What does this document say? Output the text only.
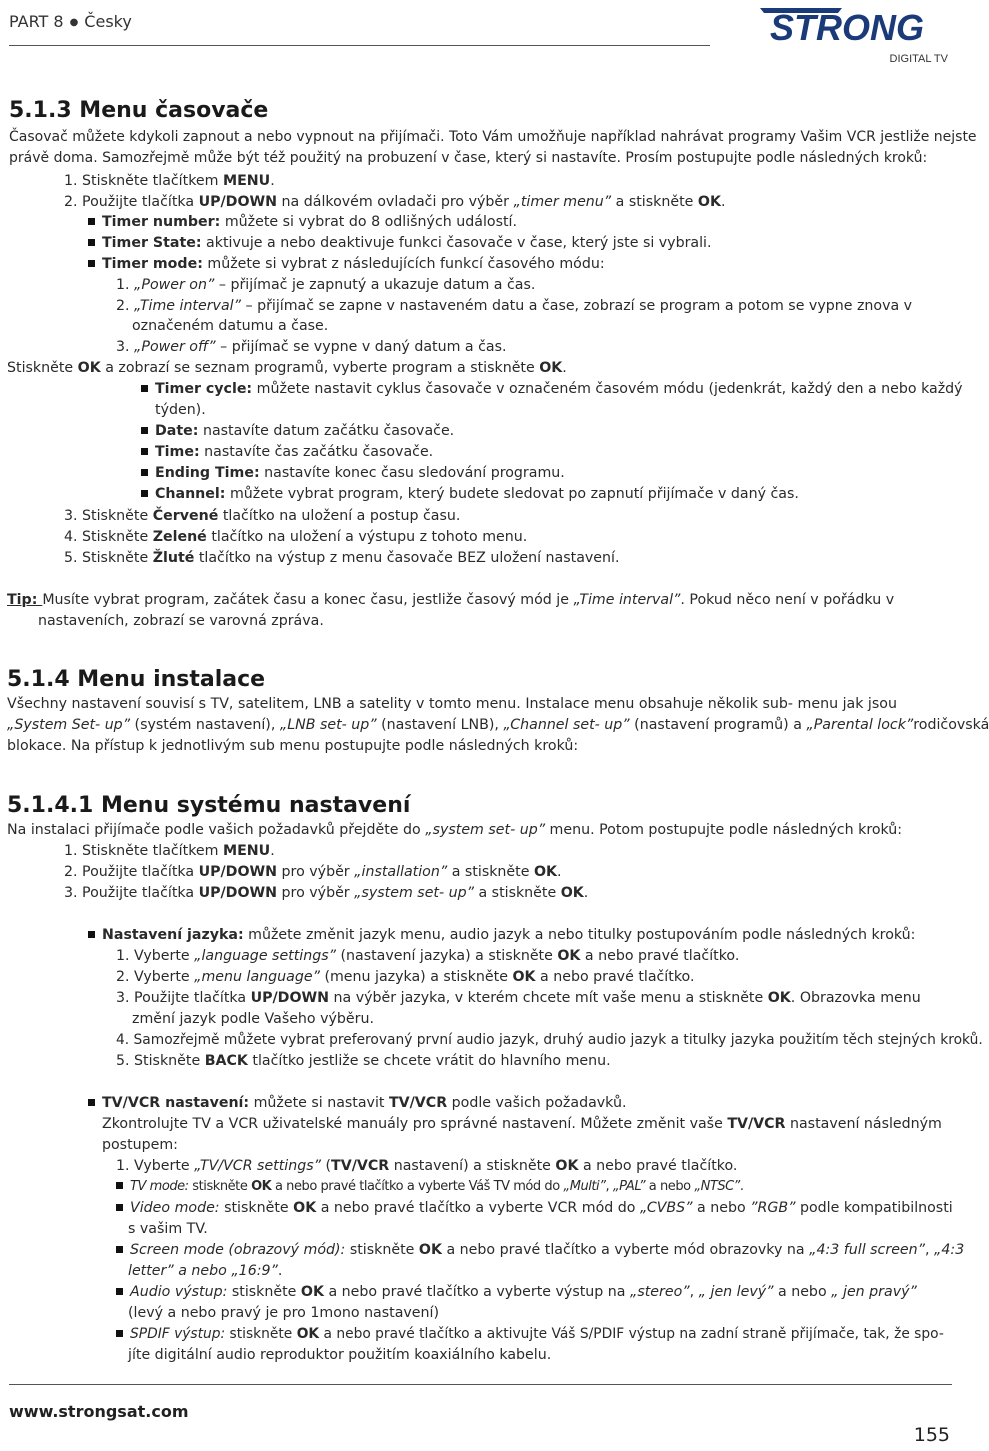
PART 8 ● Česky	STRONG
DIGITAL TV
5.1.3 Menu časovače
Časovač můžete kdykoli zapnout a nebo vypnout na přijímači. Toto Vám umožňuje například nahrávat programy Vašim VCR jestliže nejste
právě doma. Samozřejmě může být též použitý na probuzení v čase, který si nastavíte. Prosím postupujte podle následných kroků:
1. Stiskněte tlačítkem MENU.
2. Použijte tlačítka UP/DOWN na dálkovém ovladači pro výběr „timer menu” a stiskněte OK.
Timer number: můžete si vybrat do 8 odlišných událostí.
Timer State: aktivuje a nebo deaktivuje funkci časovače v čase, který jste si vybrali.
Timer mode: můžete si vybrat z následujících funkcí časového módu:
1. „Power on” – přijímač je zapnutý a ukazuje datum a čas.
2. „Time interval” – přijímač se zapne v nastaveném datu a čase, zobrazí se program a potom se vypne znova v
označeném datumu a čase.
3. „Power off” – přijímač se vypne v daný datum a čas.
Stiskněte OK a zobrazí se seznam programů, vyberte program a stiskněte OK.
Timer cycle: můžete nastavit cyklus časovače v označeném časovém módu (jedenkrát, každý den a nebo každý
týden).
Date: nastavíte datum začátku časovače.
Time: nastavíte čas začátku časovače.
Ending Time: nastavíte konec času sledování programu.
Channel: můžete vybrat program, který budete sledovat po zapnutí přijímače v daný čas.
3. Stiskněte Červené tlačítko na uložení a postup času.
4. Stiskněte Zelené tlačítko na uložení a výstupu z tohoto menu.
5. Stiskněte Žluté tlačítko na výstup z menu časovače BEZ uložení nastavení.
Tip: Musíte vybrat program, začátek času a konec času, jestliže časový mód je „Time interval”. Pokud něco není v pořádku v
nastaveních, zobrazí se varovná zpráva.
5.1.4 Menu instalace
Všechny nastavení souvisí s TV, satelitem, LNB a satelity v tomto menu. Instalace menu obsahuje několik sub- menu jak jsou
„System Set- up” (systém nastavení), „LNB set- up” (nastavení LNB), „Channel set- up” (nastavení programů) a „Parental lock”rodičovská
blokace. Na přístup k jednotlivým sub menu postupujte podle následných kroků:
5.1.4.1 Menu systému nastavení
Na instalaci přijímače podle vašich požadavků přejděte do „system set- up” menu. Potom postupujte podle následných kroků:
1. Stiskněte tlačítkem MENU.
2. Použijte tlačítka UP/DOWN pro výběr „installation” a stiskněte OK.
3. Použijte tlačítka UP/DOWN pro výběr „system set- up” a stiskněte OK.
Nastavení jazyka: můžete změnit jazyk menu, audio jazyk a nebo titulky postupováním podle následných kroků:
1. Vyberte „language settings” (nastavení jazyka) a stiskněte OK a nebo pravé tlačítko.
2. Vyberte „menu language” (menu jazyka) a stiskněte OK a nebo pravé tlačítko.
3. Použijte tlačítka UP/DOWN na výběr jazyka, v kterém chcete mít vaše menu a stiskněte OK. Obrazovka menu
změní jazyk podle Vašeho výběru.
4. Samozřejmě můžete vybrat preferovaný první audio jazyk, druhý audio jazyk a titulky jazyka použitím těch stejných kroků.
5. Stiskněte BACK tlačítko jestliže se chcete vrátit do hlavního menu.
TV/VCR nastavení: můžete si nastavit TV/VCR podle vašich požadavků.
Zkontrolujte TV a VCR uživatelské manuály pro správné nastavení. Můžete změnit vaše TV/VCR nastavení následným
postupem:
1. Vyberte „TV/VCR settings” (TV/VCR nastavení) a stiskněte OK a nebo pravé tlačítko.
TV mode: stiskněte OK a nebo pravé tlačítko a vyberte Váš TV mód do „Multi”, „PAL” a nebo „NTSC”.
Video mode: stiskněte OK a nebo pravé tlačítko a vyberte VCR mód do „CVBS” a nebo ”RGB” podle kompatibilnosti
s vašim TV.
Screen mode (obrazový mód): stiskněte OK a nebo pravé tlačítko a vyberte mód obrazovky na „4:3 full screen”, „4:3
letter” a nebo „16:9”.
Audio výstup: stiskněte OK a nebo pravé tlačítko a vyberte výstup na „stereo”, „ jen levý” a nebo „ jen pravý”
(levý a nebo pravý je pro 1mono nastavení)
SPDIF výstup: stiskněte OK a nebo pravé tlačítko a aktivujte Váš S/PDIF výstup na zadní straně přijímače, tak, že spo-
jíte digitální audio reproduktor použitím koaxiálního kabelu.
www.strongsat.com
155
